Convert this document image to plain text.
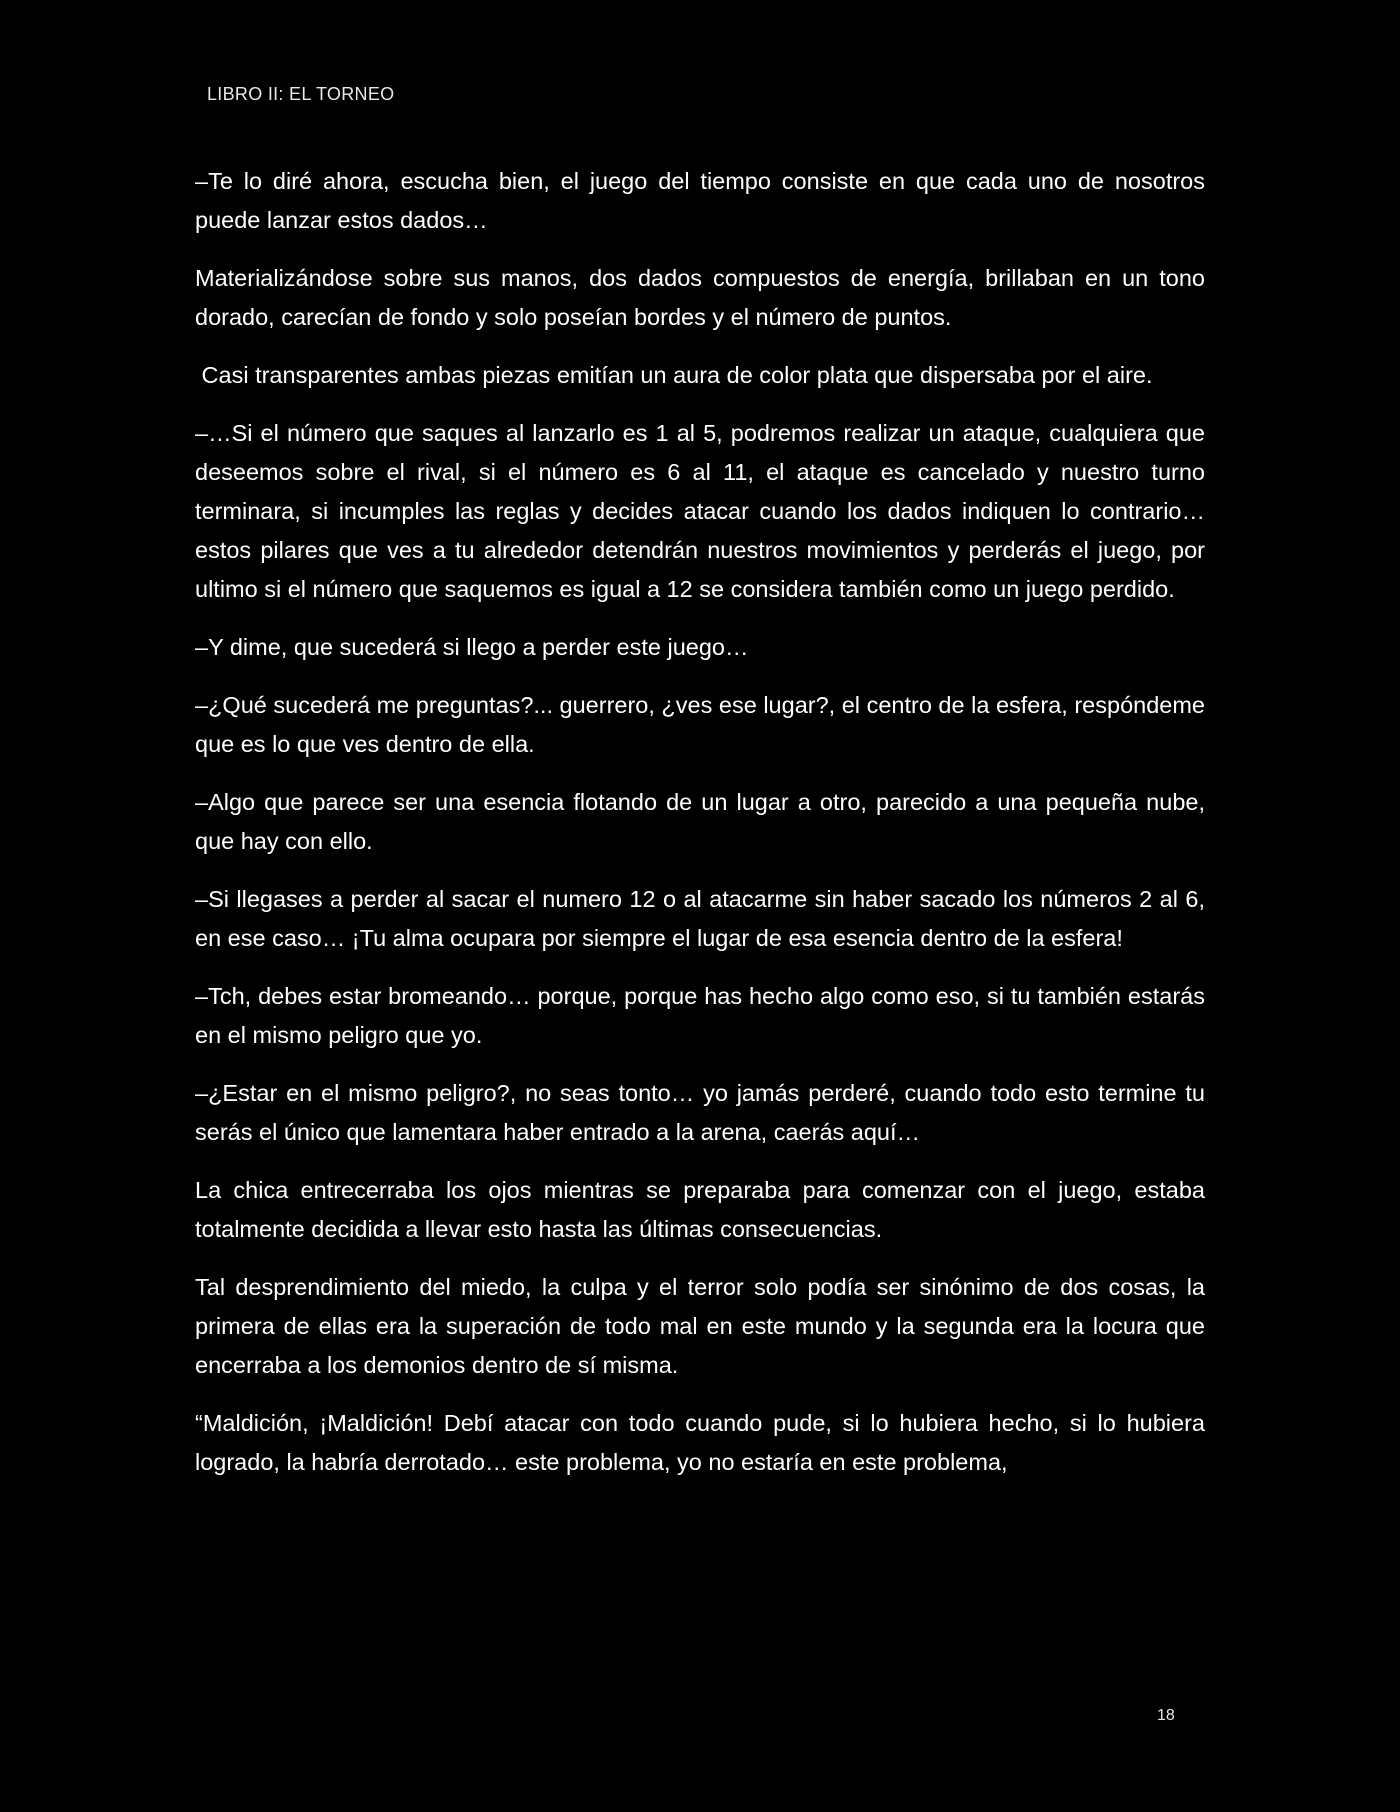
LIBRO II: EL TORNEO

–Te lo diré ahora, escucha bien, el juego del tiempo consiste en que cada uno de nosotros puede lanzar estos dados…

Materializándose sobre sus manos, dos dados compuestos de energía, brillaban en un tono dorado, carecían de fondo y solo poseían bordes y el número de puntos.

Casi transparentes ambas piezas emitían un aura de color plata que dispersaba por el aire.

–…Si el número que saques al lanzarlo es 1 al 5, podremos realizar un ataque, cualquiera que deseemos sobre el rival, si el número es 6 al 11, el ataque es cancelado y nuestro turno terminara, si incumples las reglas y decides atacar cuando los dados indiquen lo contrario… estos pilares que ves a tu alrededor detendrán nuestros movimientos y perderás el juego, por ultimo si el número que saquemos es igual a 12 se considera también como un juego perdido.

–Y dime, que sucederá si llego a perder este juego…

–¿Qué sucederá me preguntas?... guerrero, ¿ves ese lugar?, el centro de la esfera, respóndeme que es lo que ves dentro de ella.

–Algo que parece ser una esencia flotando de un lugar a otro, parecido a una pequeña nube, que hay con ello.

–Si llegases a perder al sacar el numero 12 o al atacarme sin haber sacado los números 2 al 6, en ese caso… ¡Tu alma ocupara por siempre el lugar de esa esencia dentro de la esfera!

–Tch, debes estar bromeando… porque, porque has hecho algo como eso, si tu también estarás en el mismo peligro que yo.

–¿Estar en el mismo peligro?, no seas tonto… yo jamás perderé, cuando todo esto termine tu serás el único que lamentara haber entrado a la arena, caerás aquí…

La chica entrecerraba los ojos mientras se preparaba para comenzar con el juego, estaba totalmente decidida a llevar esto hasta las últimas consecuencias.

Tal desprendimiento del miedo, la culpa y el terror solo podía ser sinónimo de dos cosas, la primera de ellas era la superación de todo mal en este mundo y la segunda era la locura que encerraba a los demonios dentro de sí misma.

“Maldición, ¡Maldición! Debí atacar con todo cuando pude, si lo hubiera hecho, si lo hubiera logrado, la habría derrotado… este problema, yo no estaría en este problema,

18
